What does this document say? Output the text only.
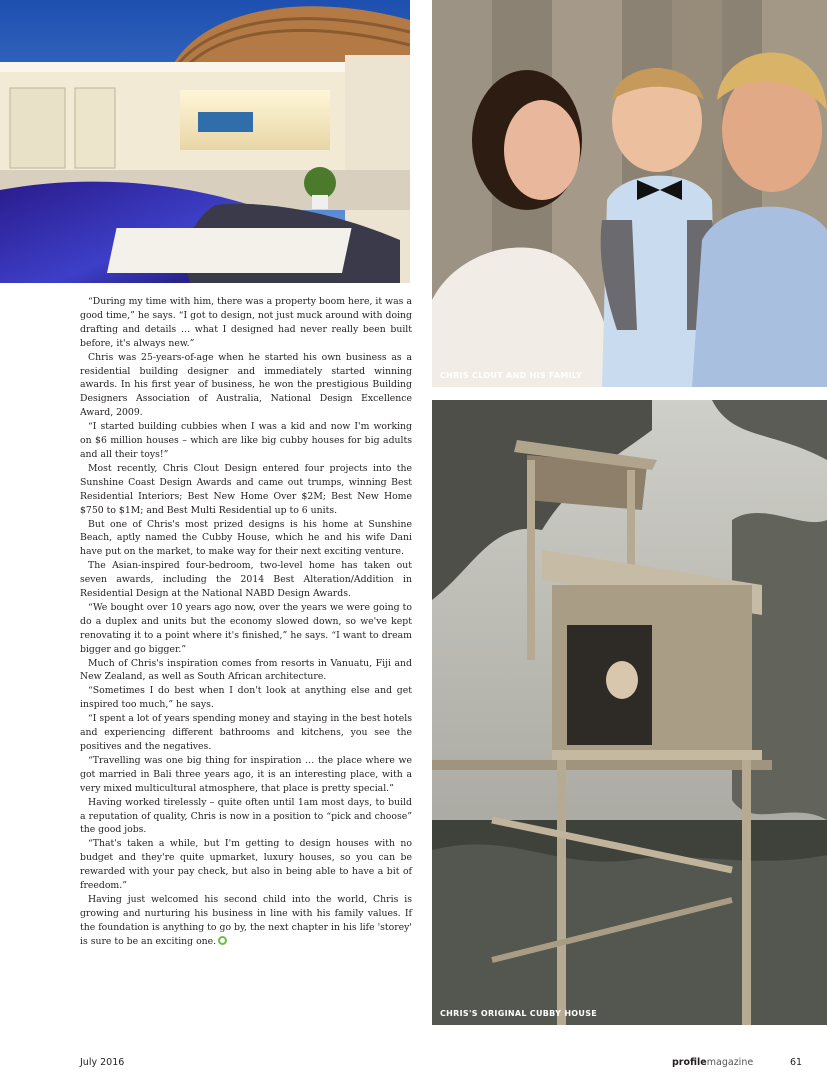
CHRIS CLOUT AND HIS FAMILY
CHRIS'S ORIGINAL CUBBY HOUSE

“During my time with him, there was a property boom here, it was a good time,” he says. “I got to design, not just muck around with doing drafting and details … what I designed had never really been built before, it's always new.”

Chris was 25-years-of-age when he started his own business as a residential building designer and immediately started winning awards. In his first year of business, he won the prestigious Building Designers Association of Australia, National Design Excellence Award, 2009.

“I started building cubbies when I was a kid and now I'm working on $6 million houses – which are like big cubby houses for big adults and all their toys!”

Most recently, Chris Clout Design entered four projects into the Sunshine Coast Design Awards and came out trumps, winning Best Residential Interiors; Best New Home Over $2M; Best New Home $750 to $1M; and Best Multi Residential up to 6 units.

But one of Chris's most prized designs is his home at Sunshine Beach, aptly named the Cubby House, which he and his wife Dani have put on the market, to make way for their next exciting venture.

The Asian-inspired four-bedroom, two-level home has taken out seven awards, including the 2014 Best Alteration/Addition in Residential Design at the National NABD Design Awards.

“We bought over 10 years ago now, over the years we were going to do a duplex and units but the economy slowed down, so we've kept renovating it to a point where it's finished,” he says. “I want to dream bigger and go bigger.”

Much of Chris's inspiration comes from resorts in Vanuatu, Fiji and New Zealand, as well as South African architecture.

“Sometimes I do best when I don't look at anything else and get inspired too much,” he says.

“I spent a lot of years spending money and staying in the best hotels and experiencing different bathrooms and kitchens, you see the positives and the negatives.

“Travelling was one big thing for inspiration … the place where we got married in Bali three years ago, it is an interesting place, with a very mixed multicultural atmosphere, that place is pretty special.”

Having worked tirelessly – quite often until 1am most days, to build a reputation of quality, Chris is now in a position to “pick and choose” the good jobs.

“That's taken a while, but I'm getting to design houses with no budget and they're quite upmarket, luxury houses, so you can be rewarded with your pay check, but also in being able to have a bit of freedom.”

Having just welcomed his second child into the world, Chris is growing and nurturing his business in line with his family values. If the foundation is anything to go by, the next chapter in his life 'storey' is sure to be an exciting one.

July 2016	profilemagazine	61
